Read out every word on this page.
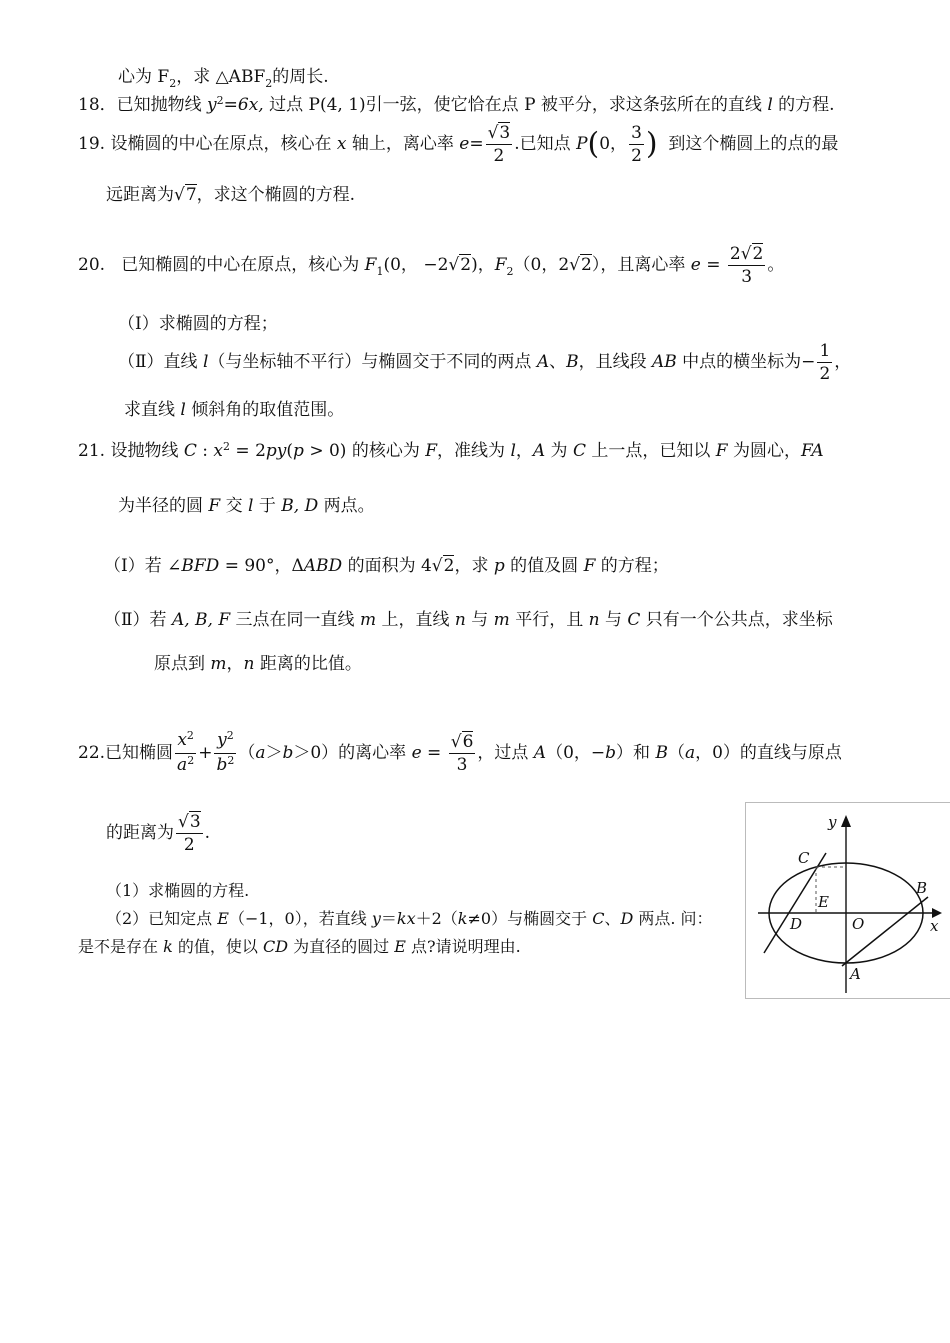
心为 $F_2$，求 $\triangle ABF_2$的周长.
18．已知抛物线 $y^2=6x$, 过点 P(4, 1)引一弦，使它恰在点 P 被平分，求这条弦所在的直线 l 的方程.
19. 设椭圆的中心在原点，核心在 x 轴上，离心率 $e= \frac{√3}{2}$ .已知点 P(0， $\frac{3}{2}$ ) 到这个椭圆上的点的最
远距离为√7，求这个椭圆的方程.
20. 已知椭圆的中心在原点，核心为 $F_1(0$， −2√2)，$F_2(0$，2√2），且离心率 $e = \frac{2√2}{3}$ 。
（Ⅰ）求椭圆的方程；
（Ⅱ）直线 l（与坐标轴不平行）与椭圆交于不同的两点 A、B，且线段 AB 中点的横坐标为− $\frac{1}{2}$ ，
求直线 l 倾斜角的取值范围。
21. 设抛物线 C : $x^2 = 2py(p > 0)$ 的核心为 F，准线为 l，A 为 C 上一点，已知以 F 为圆心，FA
为半径的圆 F 交 l 于 B, D 两点。
（Ⅰ）若 ∠BFD = 90°，ΔABD 的面积为 4√2，求 p 的值及圆 F 的方程；
（Ⅱ）若 A, B, F 三点在同一直线 m 上，直线 n 与 m 平行，且 n 与 C 只有一个公共点，求坐标
原点到 m，n 距离的比值。
22.已知椭圆 $\frac{x^2}{a^2} + \frac{y^2}{b^2} (a>b>0)$的离心率 $e = \frac{√6}{3}$ ，过点 A（0，−b）和 B（a，0）的直线与原点
的距离为 $\frac{√3}{2}$ .
（1）求椭圆的方程.
（2）已知定点 E（−1，0），若直线 y＝kx＋2（k≠0）与椭圆交于 C、D 两点. 问：
是不是存在 k 的值，使以 CD 为直径的圆过 E 点?请说明理由.
y
x
C
B
E
D	O
A
